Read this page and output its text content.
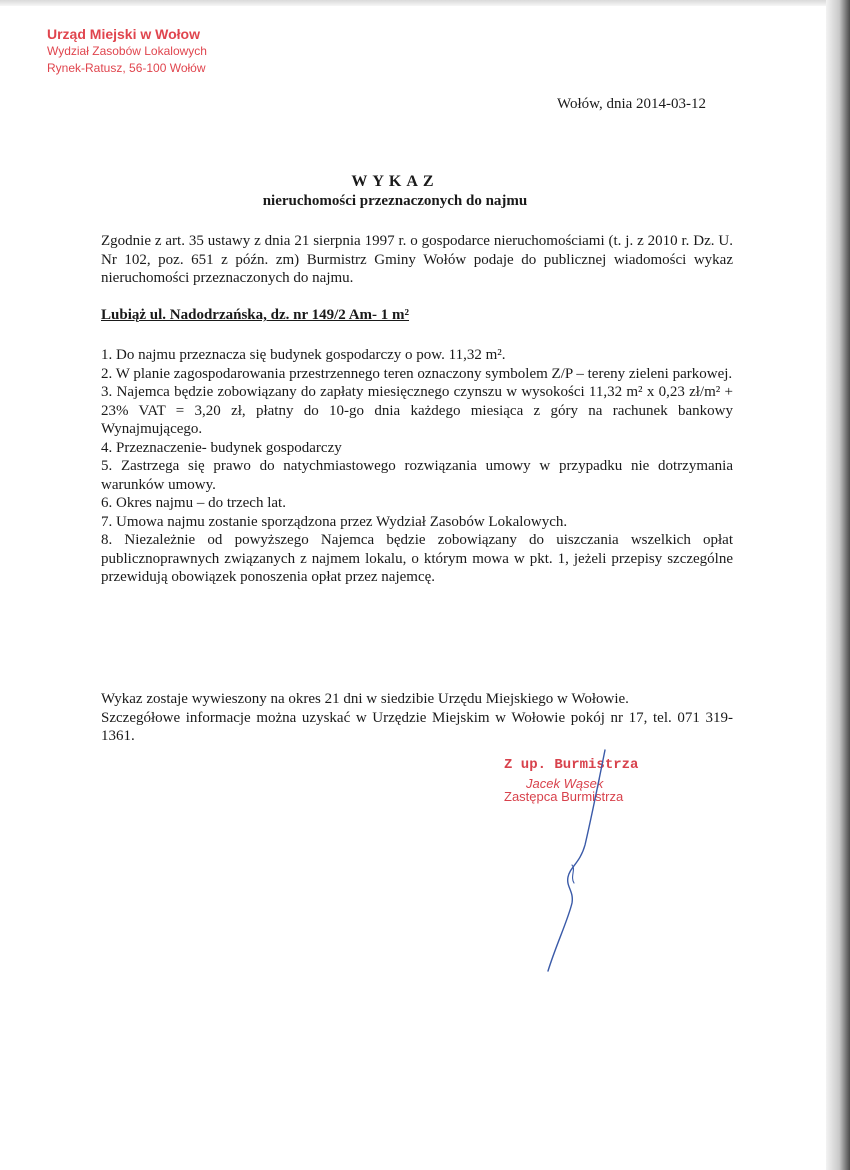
Urząd Miejski w Wołow
Wydział Zasobów Lokalowych
Rynek-Ratusz, 56-100 Wołów
Wołów, dnia 2014-03-12
WYKAZ
nieruchomości przeznaczonych do najmu
Zgodnie z art. 35 ustawy z dnia 21 sierpnia 1997 r. o gospodarce nieruchomościami (t. j. z 2010 r. Dz. U. Nr 102, poz. 651 z późn. zm) Burmistrz Gminy Wołów podaje do publicznej wiadomości wykaz nieruchomości przeznaczonych do najmu.
Lubiąż ul. Nadodrzańska, dz. nr 149/2 Am- 1 m²

1. Do najmu przeznacza się budynek gospodarczy o pow. 11,32 m².

2. W planie zagospodarowania przestrzennego teren oznaczony symbolem Z/P – tereny zieleni parkowej.

3. Najemca będzie zobowiązany do zapłaty miesięcznego czynszu w wysokości 11,32 m² x 0,23 zł/m² + 23% VAT = 3,20 zł, płatny do 10-go dnia każdego miesiąca z góry na rachunek bankowy Wynajmującego.

4. Przeznaczenie- budynek gospodarczy

5. Zastrzega się prawo do natychmiastowego rozwiązania umowy w przypadku nie dotrzymania warunków umowy.

6. Okres najmu – do trzech lat.

7. Umowa najmu zostanie sporządzona przez Wydział Zasobów Lokalowych.

8. Niezależnie od powyższego Najemca będzie zobowiązany do uiszczania wszelkich opłat publicznoprawnych związanych z najmem lokalu, o którym mowa w pkt. 1, jeżeli przepisy szczególne przewidują obowiązek ponoszenia opłat przez najemcę.

Wykaz zostaje wywieszony na okres 21 dni w siedzibie Urzędu Miejskiego w Wołowie.

Szczegółowe informacje można uzyskać w Urzędzie Miejskim w Wołowie pokój nr 17, tel. 071 319-1361.

Z up. Burmistrza
Jacek Wąsek
Zastępca Burmistrza
